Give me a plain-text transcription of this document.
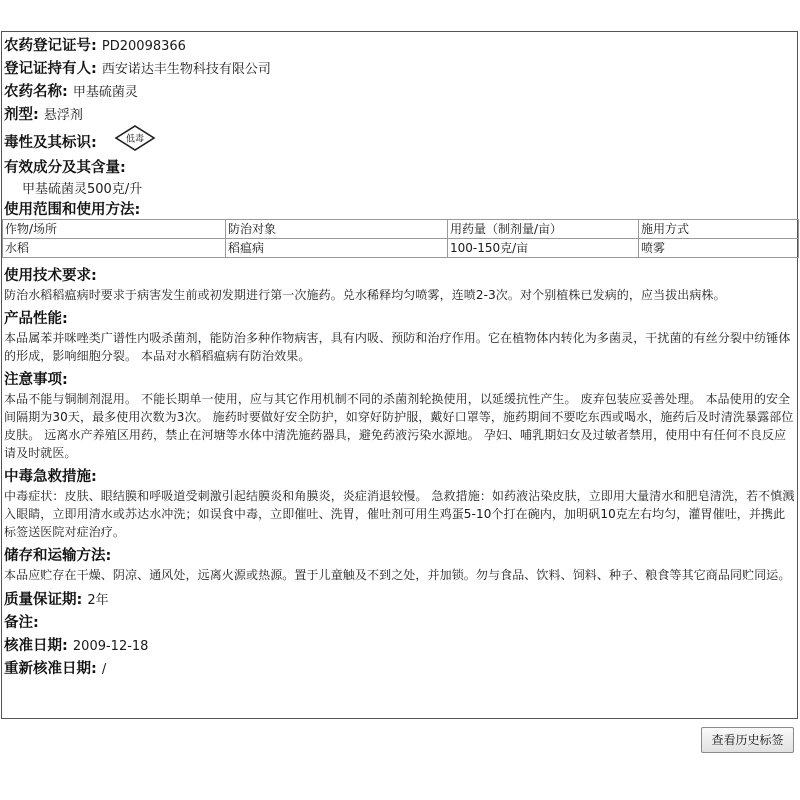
农药登记证号: PD20098366
登记证持有人: 西安诺达丰生物科技有限公司
农药名称: 甲基硫菌灵
剂型: 悬浮剂
毒性及其标识:	低毒
有效成分及其含量:
甲基硫菌灵500克/升
使用范围和使用方法:
作物/场所	防治对象	用药量（制剂量/亩）	施用方式
水稻	稻瘟病	100-150克/亩	喷雾
使用技术要求:

防治水稻稻瘟病时要求于病害发生前或初发期进行第一次施药。兑水稀释均匀喷雾，连喷2-3次。对个别植株已发病的，应当拔出病株。

产品性能:

本品属苯并咪唑类广谱性内吸杀菌剂，能防治多种作物病害，具有内吸、预防和治疗作用。它在植物体内转化为多菌灵，干扰菌的有丝分裂中纺锤体的形成，影响细胞分裂。 本品对水稻稻瘟病有防治效果。

注意事项:

本品不能与铜制剂混用。 不能长期单一使用，应与其它作用机制不同的杀菌剂轮换使用，以延缓抗性产生。 废弃包装应妥善处理。 本品使用的安全间隔期为30天，最多使用次数为3次。 施药时要做好安全防护，如穿好防护服，戴好口罩等，施药期间不要吃东西或喝水，施药后及时清洗暴露部位皮肤。 远离水产养殖区用药，禁止在河塘等水体中清洗施药器具，避免药液污染水源地。 孕妇、哺乳期妇女及过敏者禁用，使用中有任何不良反应请及时就医。

中毒急救措施:

中毒症状：皮肤、眼结膜和呼吸道受刺激引起结膜炎和角膜炎，炎症消退较慢。 急救措施：如药液沾染皮肤，立即用大量清水和肥皂清洗，若不慎溅入眼睛，立即用清水或苏达水冲洗；如误食中毒，立即催吐、洗胃，催吐剂可用生鸡蛋5-10个打在碗内，加明矾10克左右均匀，灌胃催吐，并携此标签送医院对症治疗。

储存和运输方法:

本品应贮存在干燥、阴凉、通风处，远离火源或热源。置于儿童触及不到之处，并加锁。勿与食品、饮料、饲料、种子、粮食等其它商品同贮同运。

质量保证期: 2年
备注:
核准日期: 2009-12-18
重新核准日期: /
查看历史标签
